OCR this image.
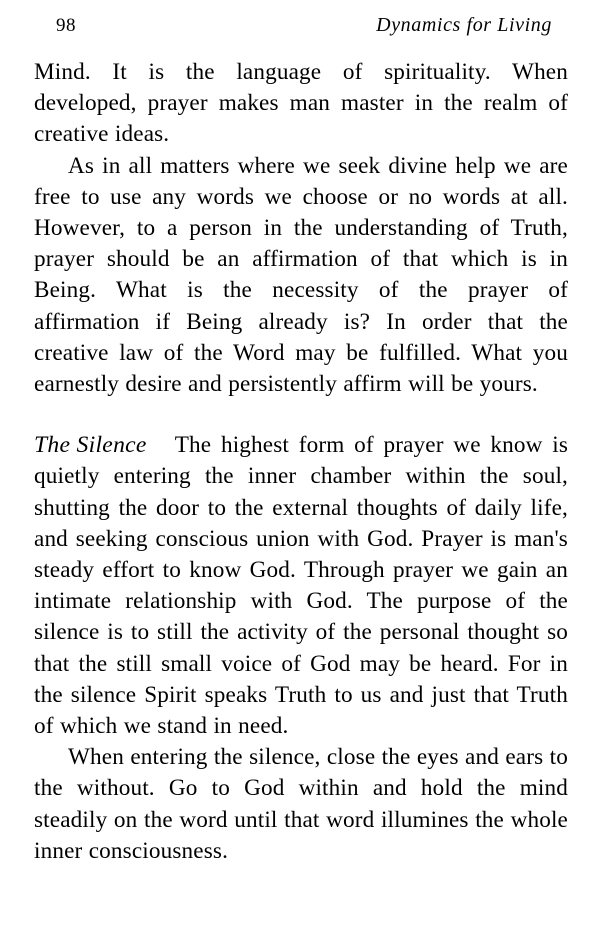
98	Dynamics for Living

Mind. It is the language of spirituality. When developed, prayer makes man master in the realm of creative ideas.

As in all matters where we seek divine help we are free to use any words we choose or no words at all. However, to a person in the understanding of Truth, prayer should be an affirmation of that which is in Being. What is the necessity of the prayer of affirmation if Being already is? In order that the creative law of the Word may be fulfilled. What you earnestly desire and persistently affirm will be yours.

The Silence	The highest form of prayer we know is quietly entering the inner chamber within the soul, shutting the door to the external thoughts of daily life, and seeking conscious union with God. Prayer is man's steady effort to know God. Through prayer we gain an intimate relationship with God. The purpose of the silence is to still the activity of the personal thought so that the still small voice of God may be heard. For in the silence Spirit speaks Truth to us and just that Truth of which we stand in need.

When entering the silence, close the eyes and ears to the without. Go to God within and hold the mind steadily on the word until that word illumines the whole inner consciousness.
